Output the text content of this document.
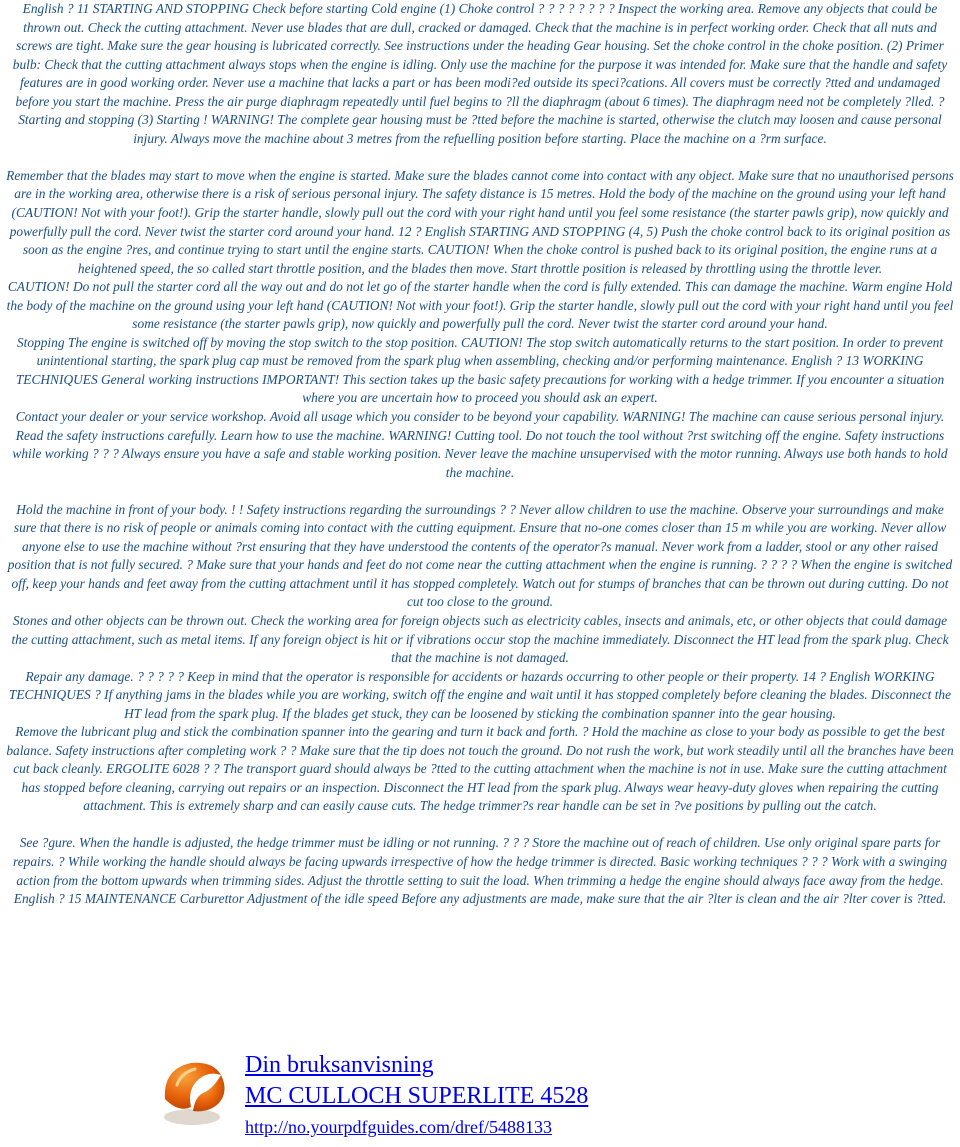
English ? 11 STARTING AND STOPPING Check before starting Cold engine (1) Choke control ? ? ? ? ? ? ? ? Inspect the working area. Remove any objects that could be thrown out. Check the cutting attachment. Never use blades that are dull, cracked or damaged. Check that the machine is in perfect working order. Check that all nuts and screws are tight. Make sure the gear housing is lubricated correctly. See instructions under the heading Gear housing. Set the choke control in the choke position. (2) Primer bulb: Check that the cutting attachment always stops when the engine is idling. Only use the machine for the purpose it was intended for. Make sure that the handle and safety features are in good working order. Never use a machine that lacks a part or has been modi?ed outside its speci?cations. All covers must be correctly ?tted and undamaged before you start the machine. Press the air purge diaphragm repeatedly until fuel begins to ?ll the diaphragm (about 6 times). The diaphragm need not be completely ?lled. ? Starting and stopping (3) Starting ! WARNING! The complete gear housing must be ?tted before the machine is started, otherwise the clutch may loosen and cause personal injury. Always move the machine about 3 metres from the refuelling position before starting. Place the machine on a ?rm surface.

Remember that the blades may start to move when the engine is started. Make sure the blades cannot come into contact with any object. Make sure that no unauthorised persons are in the working area, otherwise there is a risk of serious personal injury. The safety distance is 15 metres. Hold the body of the machine on the ground using your left hand (CAUTION! Not with your foot!). Grip the starter handle, slowly pull out the cord with your right hand until you feel some resistance (the starter pawls grip), now quickly and powerfully pull the cord. Never twist the starter cord around your hand. 12 ? English STARTING AND STOPPING (4, 5) Push the choke control back to its original position as soon as the engine ?res, and continue trying to start until the engine starts. CAUTION! When the choke control is pushed back to its original position, the engine runs at a heightened speed, the so called start throttle position, and the blades then move. Start throttle position is released by throttling using the throttle lever.

CAUTION! Do not pull the starter cord all the way out and do not let go of the starter handle when the cord is fully extended. This can damage the machine. Warm engine Hold the body of the machine on the ground using your left hand (CAUTION! Not with your foot!). Grip the starter handle, slowly pull out the cord with your right hand until you feel some resistance (the starter pawls grip), now quickly and powerfully pull the cord. Never twist the starter cord around your hand.

Stopping The engine is switched off by moving the stop switch to the stop position. CAUTION! The stop switch automatically returns to the start position. In order to prevent unintentional starting, the spark plug cap must be removed from the spark plug when assembling, checking and/or performing maintenance. English ? 13 WORKING TECHNIQUES General working instructions IMPORTANT! This section takes up the basic safety precautions for working with a hedge trimmer. If you encounter a situation where you are uncertain how to proceed you should ask an expert.

Contact your dealer or your service workshop. Avoid all usage which you consider to be beyond your capability. WARNING! The machine can cause serious personal injury. Read the safety instructions carefully. Learn how to use the machine. WARNING! Cutting tool. Do not touch the tool without ?rst switching off the engine. Safety instructions while working ? ? ? Always ensure you have a safe and stable working position. Never leave the machine unsupervised with the motor running. Always use both hands to hold the machine.

Hold the machine in front of your body. ! ! Safety instructions regarding the surroundings ? ? Never allow children to use the machine. Observe your surroundings and make sure that there is no risk of people or animals coming into contact with the cutting equipment. Ensure that no-one comes closer than 15 m while you are working. Never allow anyone else to use the machine without ?rst ensuring that they have understood the contents of the operator?s manual. Never work from a ladder, stool or any other raised position that is not fully secured. ? Make sure that your hands and feet do not come near the cutting attachment when the engine is running. ? ? ? ? When the engine is switched off, keep your hands and feet away from the cutting attachment until it has stopped completely. Watch out for stumps of branches that can be thrown out during cutting. Do not cut too close to the ground.

Stones and other objects can be thrown out. Check the working area for foreign objects such as electricity cables, insects and animals, etc, or other objects that could damage the cutting attachment, such as metal items. If any foreign object is hit or if vibrations occur stop the machine immediately. Disconnect the HT lead from the spark plug. Check that the machine is not damaged.

Repair any damage. ? ? ? ? ? Keep in mind that the operator is responsible for accidents or hazards occurring to other people or their property. 14 ? English WORKING TECHNIQUES ? If anything jams in the blades while you are working, switch off the engine and wait until it has stopped completely before cleaning the blades. Disconnect the HT lead from the spark plug. If the blades get stuck, they can be loosened by sticking the combination spanner into the gear housing.

Remove the lubricant plug and stick the combination spanner into the gearing and turn it back and forth. ? Hold the machine as close to your body as possible to get the best balance. Safety instructions after completing work ? ? Make sure that the tip does not touch the ground. Do not rush the work, but work steadily until all the branches have been cut back cleanly. ERGOLITE 6028 ? ? The transport guard should always be ?tted to the cutting attachment when the machine is not in use. Make sure the cutting attachment has stopped before cleaning, carrying out repairs or an inspection. Disconnect the HT lead from the spark plug. Always wear heavy-duty gloves when repairing the cutting attachment. This is extremely sharp and can easily cause cuts. The hedge trimmer?s rear handle can be set in ?ve positions by pulling out the catch.

See ?gure. When the handle is adjusted, the hedge trimmer must be idling or not running. ? ? ? Store the machine out of reach of children. Use only original spare parts for repairs. ? While working the handle should always be facing upwards irrespective of how the hedge trimmer is directed. Basic working techniques ? ? ? Work with a swinging action from the bottom upwards when trimming sides. Adjust the throttle setting to suit the load. When trimming a hedge the engine should always face away from the hedge. English ? 15 MAINTENANCE Carburettor Adjustment of the idle speed Before any adjustments are made, make sure that the air ?lter is clean and the air ?lter cover is ?tted.

Din bruksanvisning
MC CULLOCH SUPERLITE 4528
http://no.yourpdfguides.com/dref/5488133
